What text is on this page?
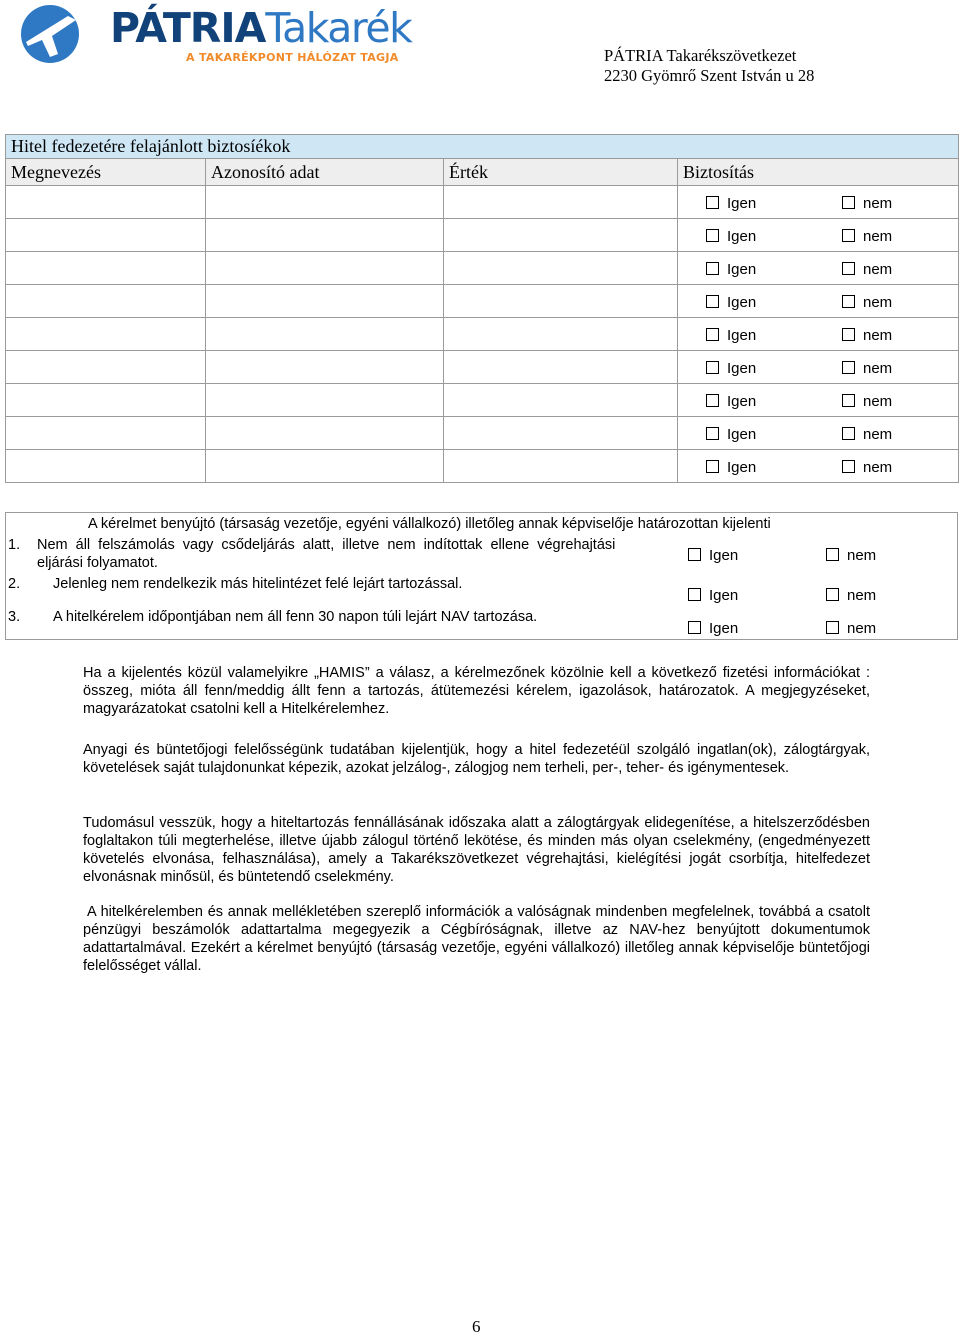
PÁTRIATakarék
A TAKARÉKPONT HÁLÓZAT TAGJA	PÁTRIA Takarékszövetkezet
2230 Gyömrő Szent István u 28
Hitel fedezetére felajánlott biztosíékok			
Megnevezés	Azonosító adat	Érték	Biztosítás

			Igen nem

			Igen nem

			Igen nem

			Igen nem

			Igen nem

			Igen nem

			Igen nem

			Igen nem

			Igen nem
A kérelmet benyújtó (társaság vezetője, egyéni vállalkozó) illetőleg annak képviselője határozottan kijelenti
1. Nem áll felszámolás vagy csődeljárás alatt, illetve nem indítottak ellene végrehajtási
eljárási folyamatot.	Igen	nem
2. Jelenleg nem rendelkezik más hitelintézet felé lejárt tartozással.
Igen	nem
3. A hitelkérelem időpontjában nem áll fenn 30 napon túli lejárt NAV tartozása.
Igen	nem
Ha a kijelentés közül valamelyikre „HAMIS” a válasz, a kérelmezőnek közölnie kell a következő fizetési információkat : összeg, mióta áll fenn/meddig állt fenn a tartozás, átütemezési kérelem, igazolások, határozatok. A megjegyzéseket, magyarázatokat csatolni kell a Hitelkérelemhez.
Anyagi és büntetőjogi felelősségünk tudatában kijelentjük, hogy a hitel fedezetéül szolgáló ingatlan(ok), zálogtárgyak, követelések saját tulajdonunkat képezik, azokat jelzálog-, zálogjog nem terheli, per-, teher- és igénymentesek.
Tudomásul vesszük, hogy a hiteltartozás fennállásának időszaka alatt a zálogtárgyak elidegenítése, a hitelszerződésben foglaltakon túli megterhelése, illetve újabb zálogul történő lekötése, és minden más olyan cselekmény, (engedményezett követelés elvonása, felhasználása), amely a Takarékszövetkezet végrehajtási, kielégítési jogát csorbítja, hitelfedezet elvonásnak minősül, és büntetendő cselekmény.
A hitelkérelemben és annak mellékletében szereplő információk a valóságnak mindenben megfelelnek, továbbá a csatolt pénzügyi beszámolók adattartalma megegyezik a Cégbíróságnak, illetve az NAV-hez benyújtott dokumentumok adattartalmával. Ezekért a kérelmet benyújtó (társaság vezetője, egyéni vállalkozó) illetőleg annak képviselője büntetőjogi felelősséget vállal.
6
